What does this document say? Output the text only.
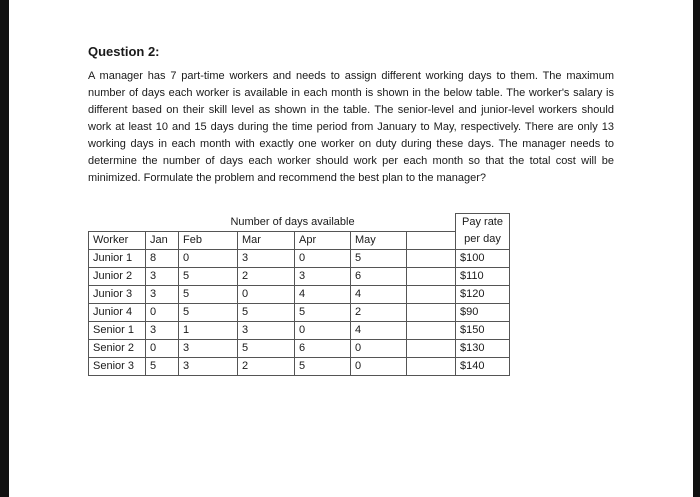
Question 2:

A manager has 7 part-time workers and needs to assign different working days to them. The maximum number of days each worker is available in each month is shown in the below table. The worker's salary is different based on their skill level as shown in the table. The senior-level and junior-level workers should work at least 10 and 15 days during the time period from January to May, respectively. There are only 13 working days in each month with exactly one worker on duty during these days. The manager needs to determine the number of days each worker should work per each month so that the total cost will be minimized. Formulate the problem and recommend the best plan to the manager?

		Number of days available					Pay rate
Worker	Jan	Feb	Mar	Apr	May		per day
Junior 1	8	0	3	0	5		$100
Junior 2	3	5	2	3	6		$110
Junior 3	3	5	0	4	4		$120
Junior 4	0	5	5	5	2		$90
Senior 1	3	1	3	0	4		$150
Senior 2	0	3	5	6	0		$130
Senior 3	5	3	2	5	0		$140
